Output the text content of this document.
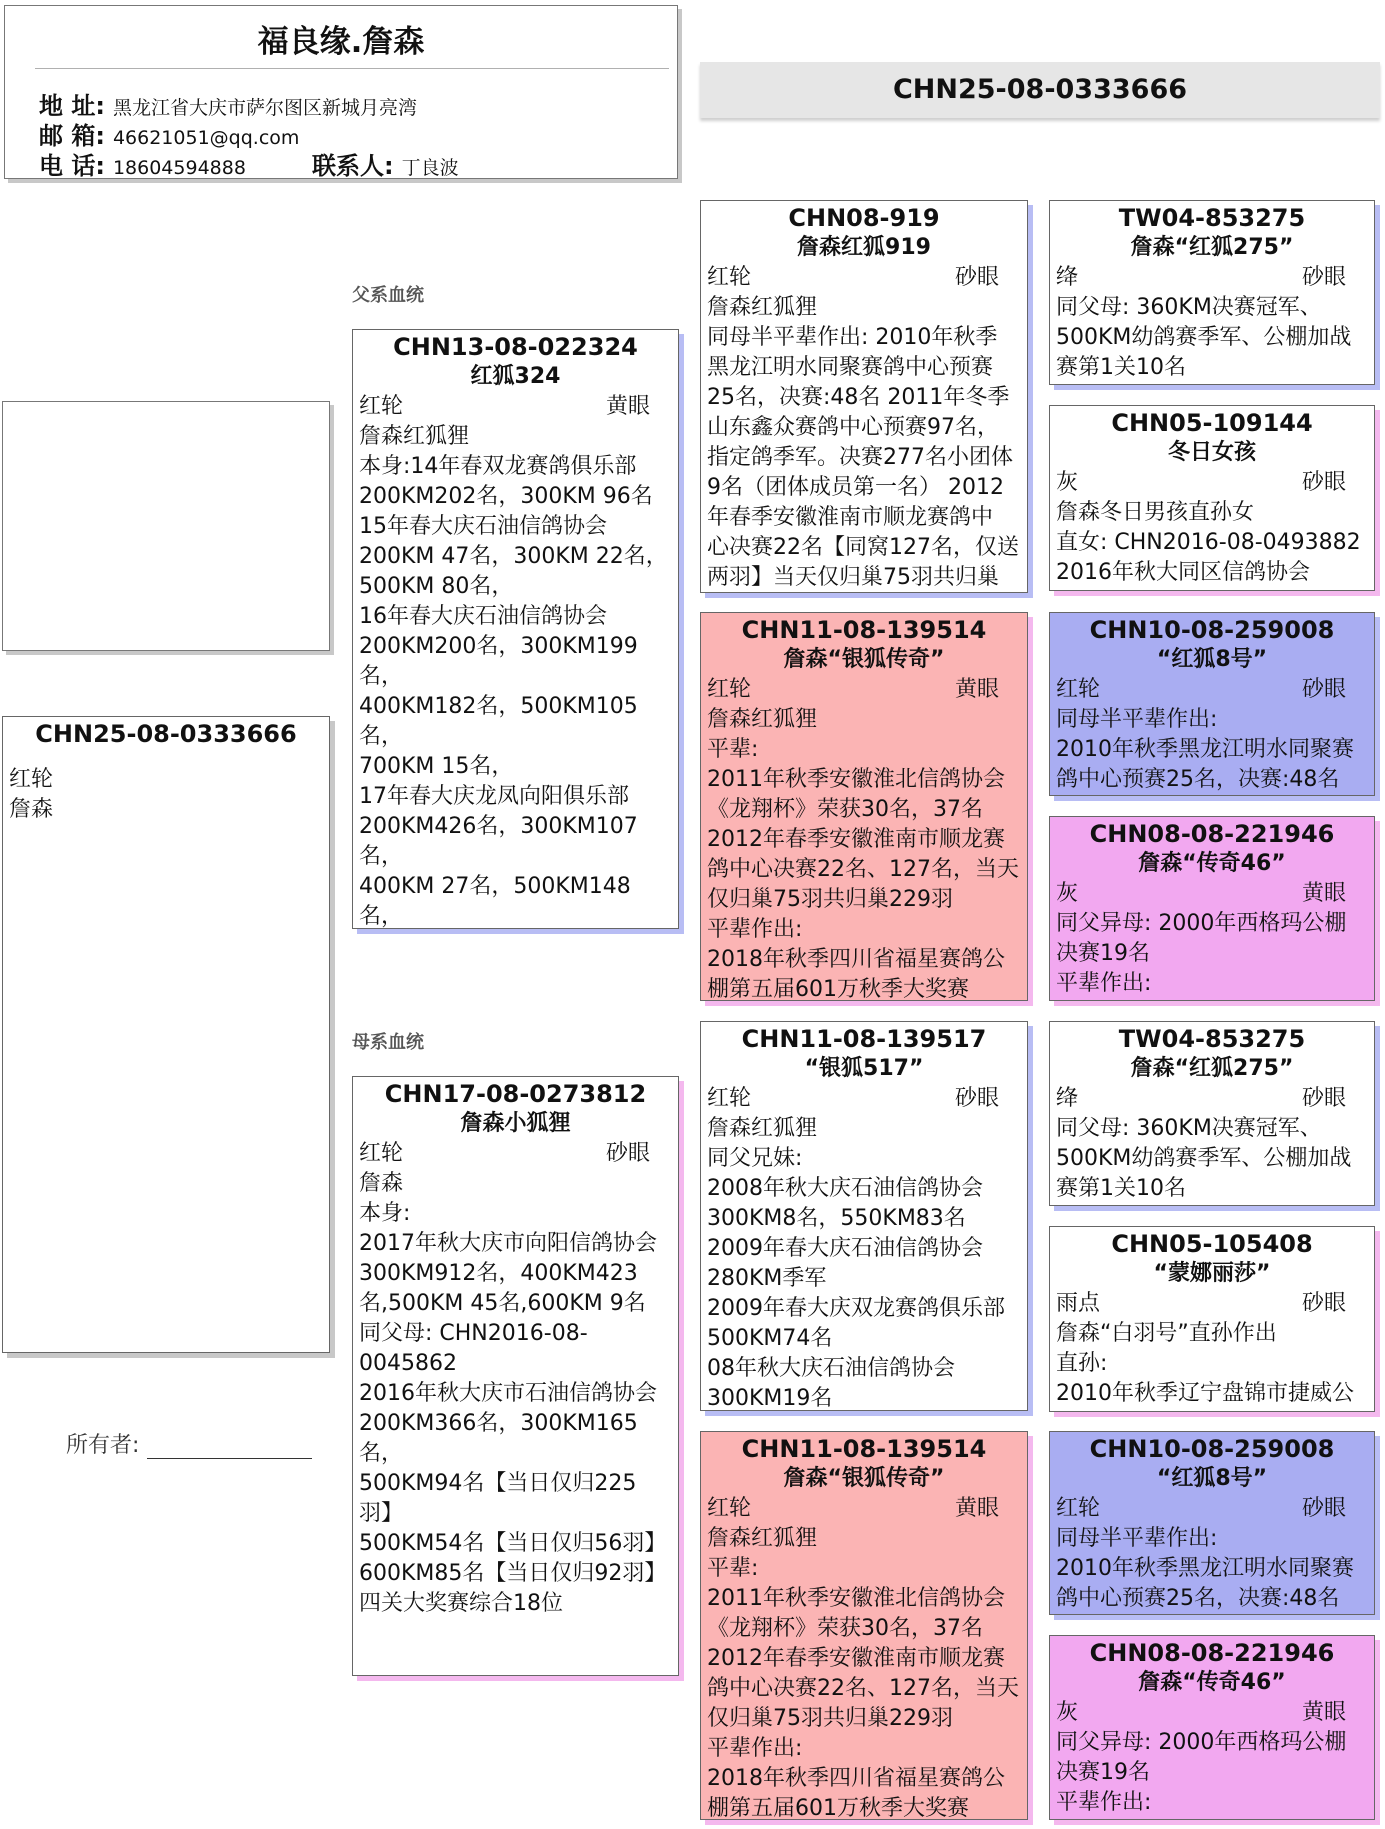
福良缘.詹森
地 址: 黑龙江省大庆市萨尔图区新城月亮湾
邮 箱: 46621051@qq.com
电 话: 18604594888	联系人: 丁良波
CHN25-08-0333666
CHN25-08-0333666
红轮
詹森
父系血统
母系血统
所有者:
CHN13-08-022324
红狐324
红轮	黄眼
詹森红狐狸
本身:14年春双龙赛鸽俱乐部
200KM202名，300KM 96名
15年春大庆石油信鸽协会
200KM 47名，300KM 22名，
500KM 80名，
16年春大庆石油信鸽协会
200KM200名，300KM199名，
400KM182名，500KM105名，
700KM 15名，
17年春大庆龙凤向阳俱乐部
200KM426名，300KM107名，
400KM 27名，500KM148名，
CHN17-08-0273812
詹森小狐狸
红轮	砂眼
詹森
本身:
2017年秋大庆市向阳信鸽协会
300KM912名，400KM423
名,500KM 45名,600KM 9名
同父母: CHN2016-08-
0045862
2016年秋大庆市石油信鸽协会
200KM366名，300KM165名，
500KM94名【当日仅归225
羽】
500KM54名【当日仅归56羽】
600KM85名【当日仅归92羽】
四关大奖赛综合18位
CHN08-919
詹森红狐919
红轮	砂眼
詹森红狐狸
同母半平辈作出: 2010年秋季
黑龙江明水同聚赛鸽中心预赛
25名，决赛:48名 2011年冬季
山东鑫众赛鸽中心预赛97名，
指定鸽季军。决赛277名小团体
9名（团体成员第一名） 2012
年春季安徽淮南市顺龙赛鸽中
心决赛22名【同窝127名，仅送
两羽】当天仅归巢75羽共归巢
CHN11-08-139514
詹森“银狐传奇”
红轮	黄眼
詹森红狐狸
平辈:
2011年秋季安徽淮北信鸽协会
《龙翔杯》荣获30名，37名
2012年春季安徽淮南市顺龙赛
鸽中心决赛22名、127名，当天
仅归巢75羽共归巢229羽
平辈作出:
2018年秋季四川省福星赛鸽公
棚第五届601万秋季大奖赛
CHN11-08-139517
“银狐517”
红轮	砂眼
詹森红狐狸
同父兄妹:
2008年秋大庆石油信鸽协会
300KM8名，550KM83名
2009年春大庆石油信鸽协会
280KM季军
2009年春大庆双龙赛鸽俱乐部
500KM74名
08年秋大庆石油信鸽协会
300KM19名
CHN11-08-139514
詹森“银狐传奇”
红轮	黄眼
詹森红狐狸
平辈:
2011年秋季安徽淮北信鸽协会
《龙翔杯》荣获30名，37名
2012年春季安徽淮南市顺龙赛
鸽中心决赛22名、127名，当天
仅归巢75羽共归巢229羽
平辈作出:
2018年秋季四川省福星赛鸽公
棚第五届601万秋季大奖赛
TW04-853275
詹森“红狐275”
绛	砂眼
同父母: 360KM决赛冠军、
500KM幼鸽赛季军、公棚加战
赛第1关10名
CHN05-109144
冬日女孩
灰	砂眼
詹森冬日男孩直孙女
直女: CHN2016-08-0493882
2016年秋大同区信鸽协会
CHN10-08-259008
“红狐8号”
红轮	砂眼
同母半平辈作出:
2010年秋季黑龙江明水同聚赛
鸽中心预赛25名，决赛:48名
CHN08-08-221946
詹森“传奇46”
灰	黄眼
同父异母: 2000年西格玛公棚
决赛19名
平辈作出:
TW04-853275
詹森“红狐275”
绛	砂眼
同父母: 360KM决赛冠军、
500KM幼鸽赛季军、公棚加战
赛第1关10名
CHN05-105408
“蒙娜丽莎”
雨点	砂眼
詹森“白羽号”直孙作出
直孙:
2010年秋季辽宁盘锦市捷威公
CHN10-08-259008
“红狐8号”
红轮	砂眼
同母半平辈作出:
2010年秋季黑龙江明水同聚赛
鸽中心预赛25名，决赛:48名
CHN08-08-221946
詹森“传奇46”
灰	黄眼
同父异母: 2000年西格玛公棚
决赛19名
平辈作出:
